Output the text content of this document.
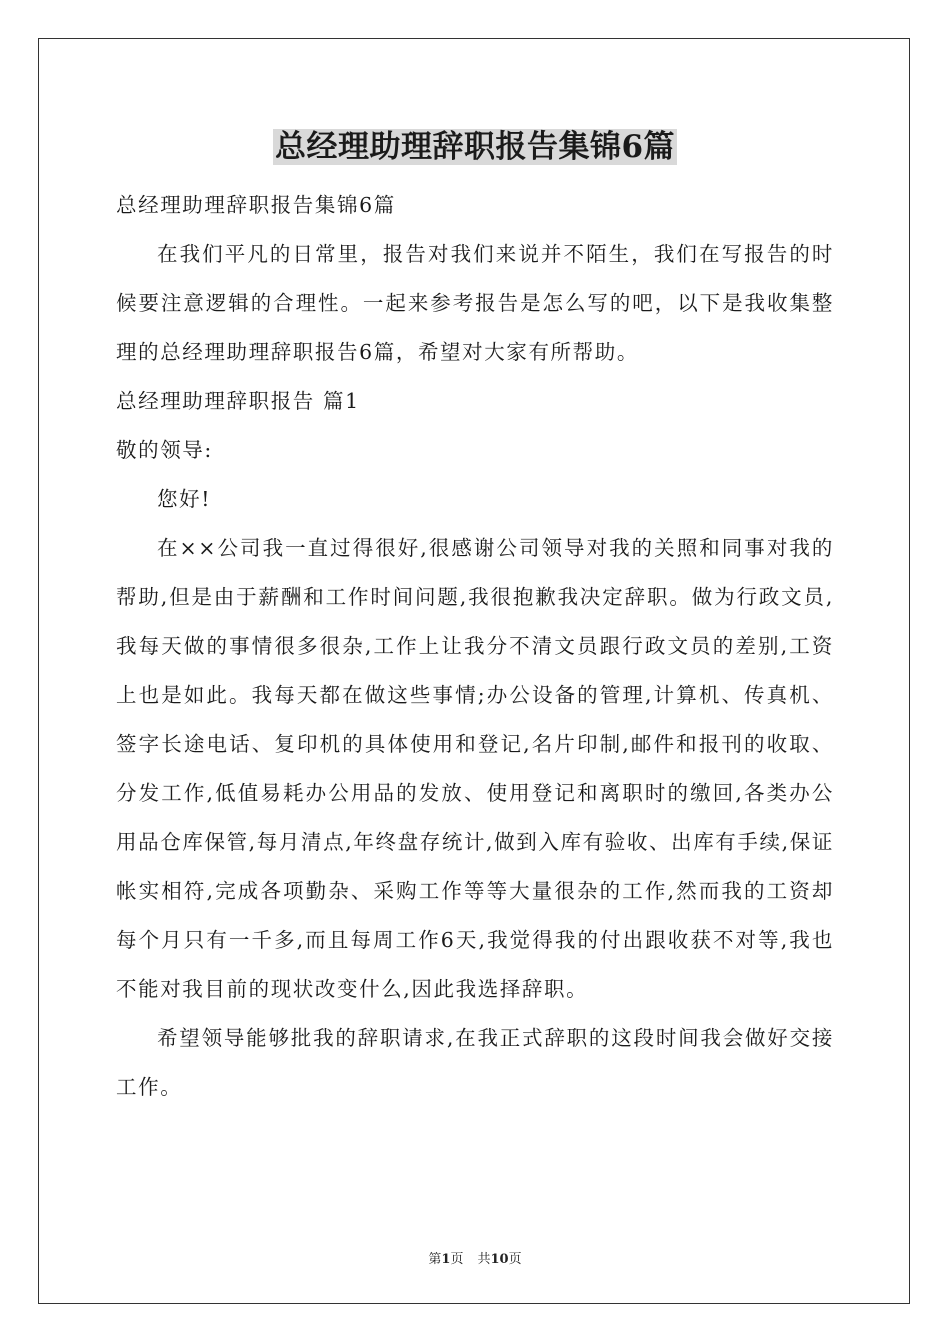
总经理助理辞职报告集锦6篇

总经理助理辞职报告集锦6篇

在我们平凡的日常里，报告对我们来说并不陌生，我们在写报告的时候要注意逻辑的合理性。一起来参考报告是怎么写的吧，以下是我收集整理的总经理助理辞职报告6篇，希望对大家有所帮助。

总经理助理辞职报告 篇1

敬的领导:

您好!

在××公司我一直过得很好,很感谢公司领导对我的关照和同事对我的帮助,但是由于薪酬和工作时间问题,我很抱歉我决定辞职。做为行政文员,我每天做的事情很多很杂,工作上让我分不清文员跟行政文员的差别,工资上也是如此。我每天都在做这些事情;办公设备的管理,计算机、传真机、签字长途电话、复印机的具体使用和登记,名片印制,邮件和报刊的收取、分发工作,低值易耗办公用品的发放、使用登记和离职时的缴回,各类办公用品仓库保管,每月清点,年终盘存统计,做到入库有验收、出库有手续,保证帐实相符,完成各项勤杂、采购工作等等大量很杂的工作,然而我的工资却每个月只有一千多,而且每周工作6天,我觉得我的付出跟收获不对等,我也不能对我目前的现状改变什么,因此我选择辞职。

希望领导能够批我的辞职请求,在我正式辞职的这段时间我会做好交接工作。

第1页 共10页
